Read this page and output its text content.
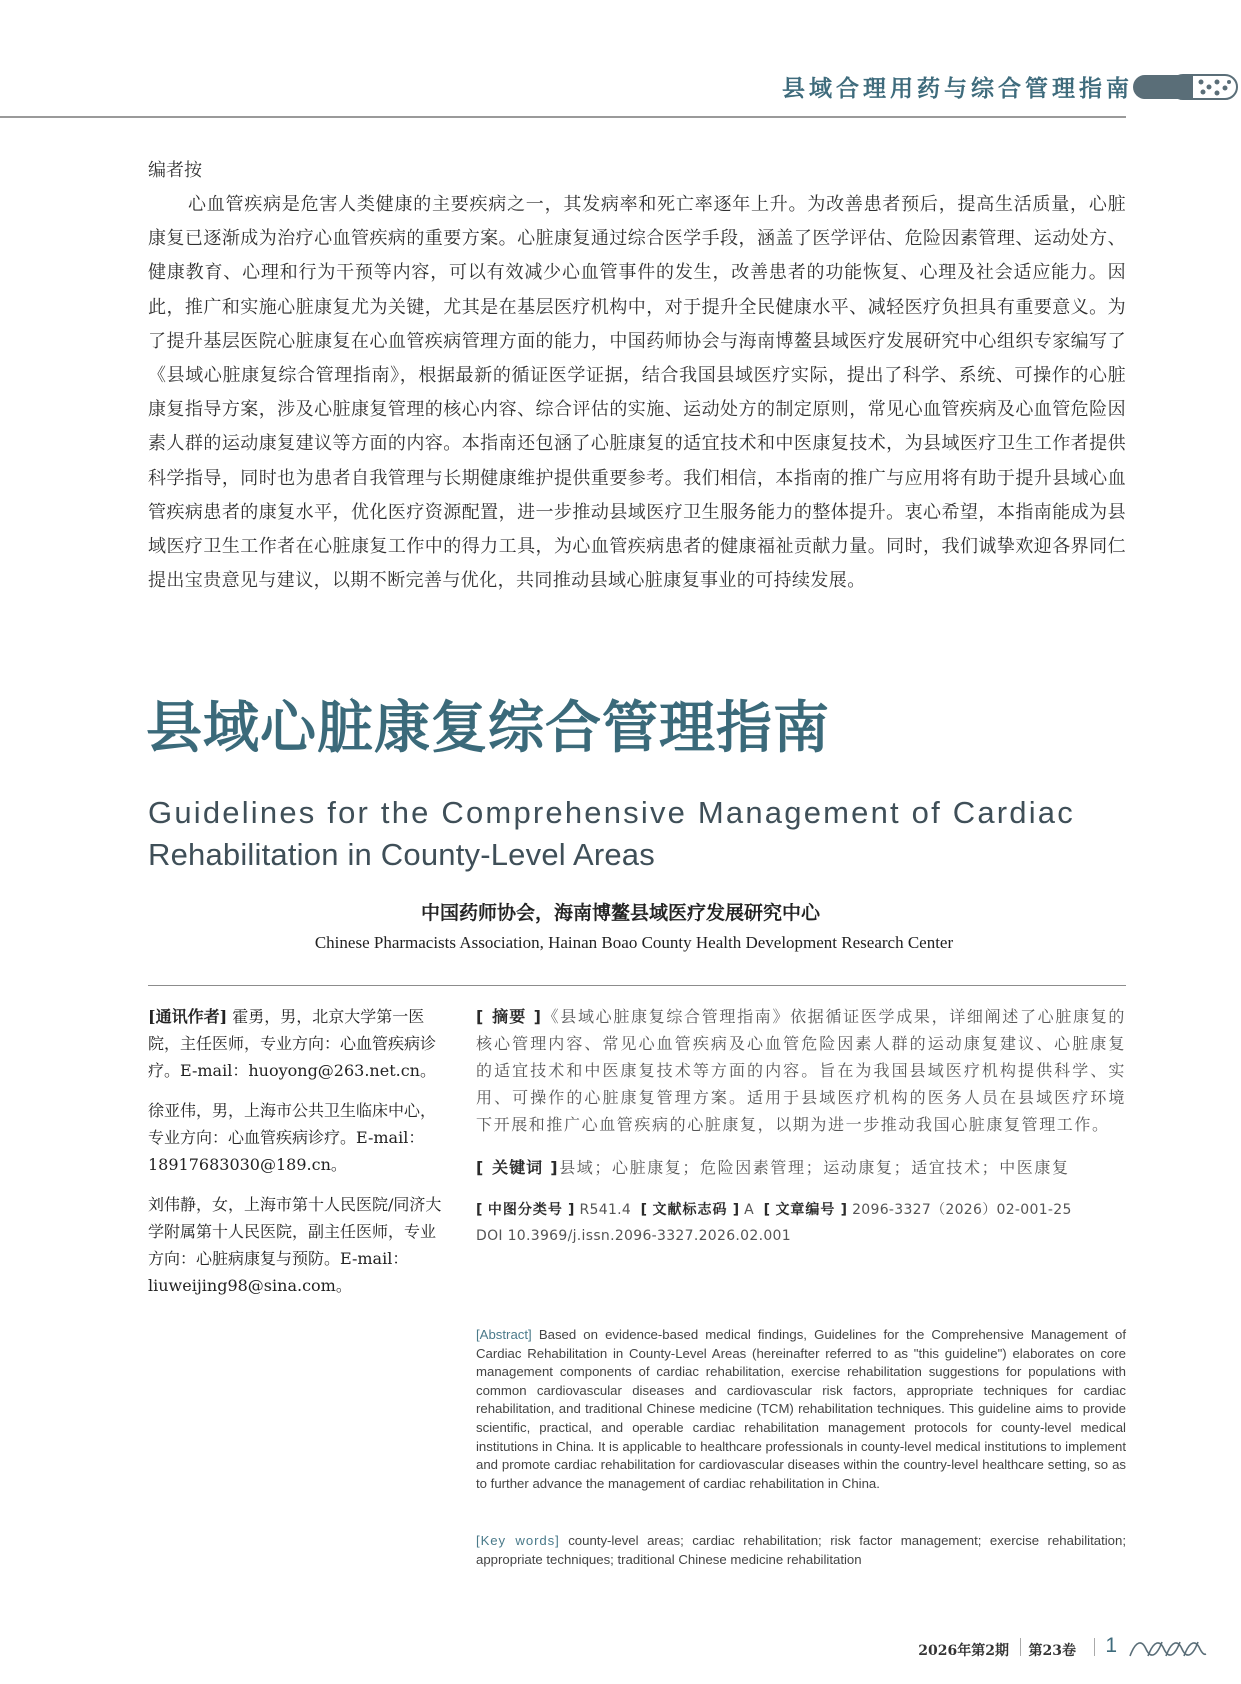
县域合理用药与综合管理指南
编者按
心血管疾病是危害人类健康的主要疾病之一，其发病率和死亡率逐年上升。为改善患者预后，提高生活质量，心脏康复已逐渐成为治疗心血管疾病的重要方案。心脏康复通过综合医学手段，涵盖了医学评估、危险因素管理、运动处方、健康教育、心理和行为干预等内容，可以有效减少心血管事件的发生，改善患者的功能恢复、心理及社会适应能力。因此，推广和实施心脏康复尤为关键，尤其是在基层医疗机构中，对于提升全民健康水平、减轻医疗负担具有重要意义。为了提升基层医院心脏康复在心血管疾病管理方面的能力，中国药师协会与海南博鳌县域医疗发展研究中心组织专家编写了《县域心脏康复综合管理指南》，根据最新的循证医学证据，结合我国县域医疗实际，提出了科学、系统、可操作的心脏康复指导方案，涉及心脏康复管理的核心内容、综合评估的实施、运动处方的制定原则，常见心血管疾病及心血管危险因素人群的运动康复建议等方面的内容。本指南还包涵了心脏康复的适宜技术和中医康复技术，为县域医疗卫生工作者提供科学指导，同时也为患者自我管理与长期健康维护提供重要参考。我们相信，本指南的推广与应用将有助于提升县域心血管疾病患者的康复水平，优化医疗资源配置，进一步推动县域医疗卫生服务能力的整体提升。衷心希望，本指南能成为县域医疗卫生工作者在心脏康复工作中的得力工具，为心血管疾病患者的健康福祉贡献力量。同时，我们诚挚欢迎各界同仁提出宝贵意见与建议，以期不断完善与优化，共同推动县域心脏康复事业的可持续发展。
县域心脏康复综合管理指南
Guidelines for the Comprehensive Management of Cardiac
Rehabilitation in County-Level Areas
中国药师协会，海南博鳌县域医疗发展研究中心
Chinese Pharmacists Association, Hainan Boao County Health Development Research Center
[通讯作者] 霍勇，男，北京大学第一医院，主任医师，专业方向：心血管疾病诊疗。E-mail：huoyong@263.net.cn。
徐亚伟，男，上海市公共卫生临床中心，专业方向：心血管疾病诊疗。E-mail：18917683030@189.cn。
刘伟静，女，上海市第十人民医院/同济大学附属第十人民医院，副主任医师，专业方向：心脏病康复与预防。E-mail：liuweijing98@sina.com。
[ 摘要 ]《县域心脏康复综合管理指南》依据循证医学成果，详细阐述了心脏康复的核心管理内容、常见心血管疾病及心血管危险因素人群的运动康复建议、心脏康复的适宜技术和中医康复技术等方面的内容。旨在为我国县域医疗机构提供科学、实用、可操作的心脏康复管理方案。适用于县域医疗机构的医务人员在县域医疗环境下开展和推广心血管疾病的心脏康复，以期为进一步推动我国心脏康复管理工作。
[ 关键词 ]县域；心脏康复；危险因素管理；运动康复；适宜技术；中医康复
[ 中图分类号 ] R541.4 [ 文献标志码 ] A [ 文章编号 ] 2096-3327（2026）02-001-25
DOI 10.3969/j.issn.2096-3327.2026.02.001
[Abstract] Based on evidence-based medical findings, Guidelines for the Comprehensive Management of Cardiac Rehabilitation in County-Level Areas (hereinafter referred to as "this guideline") elaborates on core management components of cardiac rehabilitation, exercise rehabilitation suggestions for populations with common cardiovascular diseases and cardiovascular risk factors, appropriate techniques for cardiac rehabilitation, and traditional Chinese medicine (TCM) rehabilitation techniques. This guideline aims to provide scientific, practical, and operable cardiac rehabilitation management protocols for county-level medical institutions in China. It is applicable to healthcare professionals in county-level medical institutions to implement and promote cardiac rehabilitation for cardiovascular diseases within the country-level healthcare setting, so as to further advance the management of cardiac rehabilitation in China.
[Key words] county-level areas; cardiac rehabilitation; risk factor management; exercise rehabilitation; appropriate techniques; traditional Chinese medicine rehabilitation
2026年第2期 第23卷 1
